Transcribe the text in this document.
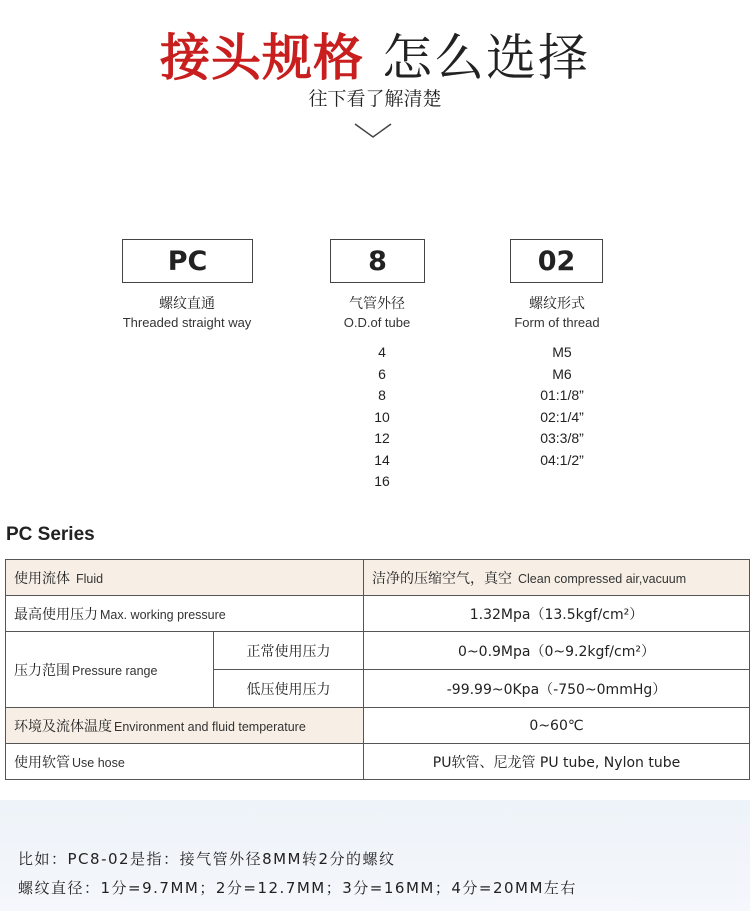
接头规格 怎么选择
往下看了解清楚
PC
螺纹直通
Threaded straight way
8
气管外径
O.D.of tube
4
6
8
10
12
14
16
02
螺纹形式
Form of thread
M5
M6
01:1/8”
02:1/4”
03:3/8”
04:1/2”
PC Series
使用流体 Fluid		洁净的压缩空气，真空 Clean compressed air,vacuum
最高使用压力 Max. working pressure		1.32Mpa（13.5kgf/cm²）
压力范围 Pressure range	正常使用压力	0~0.9Mpa（0~9.2kgf/cm²）
	低压使用压力	-99.99~0Kpa（-750~0mmHg）
环境及流体温度 Environment and fluid temperature		0~60℃
使用软管 Use hose		PU软管、尼龙管 PU tube, Nylon tube
比如：PC8-02是指：接气管外径8MM转2分的螺纹
螺纹直径：1分=9.7MM；2分=12.7MM；3分=16MM；4分=20MM左右
